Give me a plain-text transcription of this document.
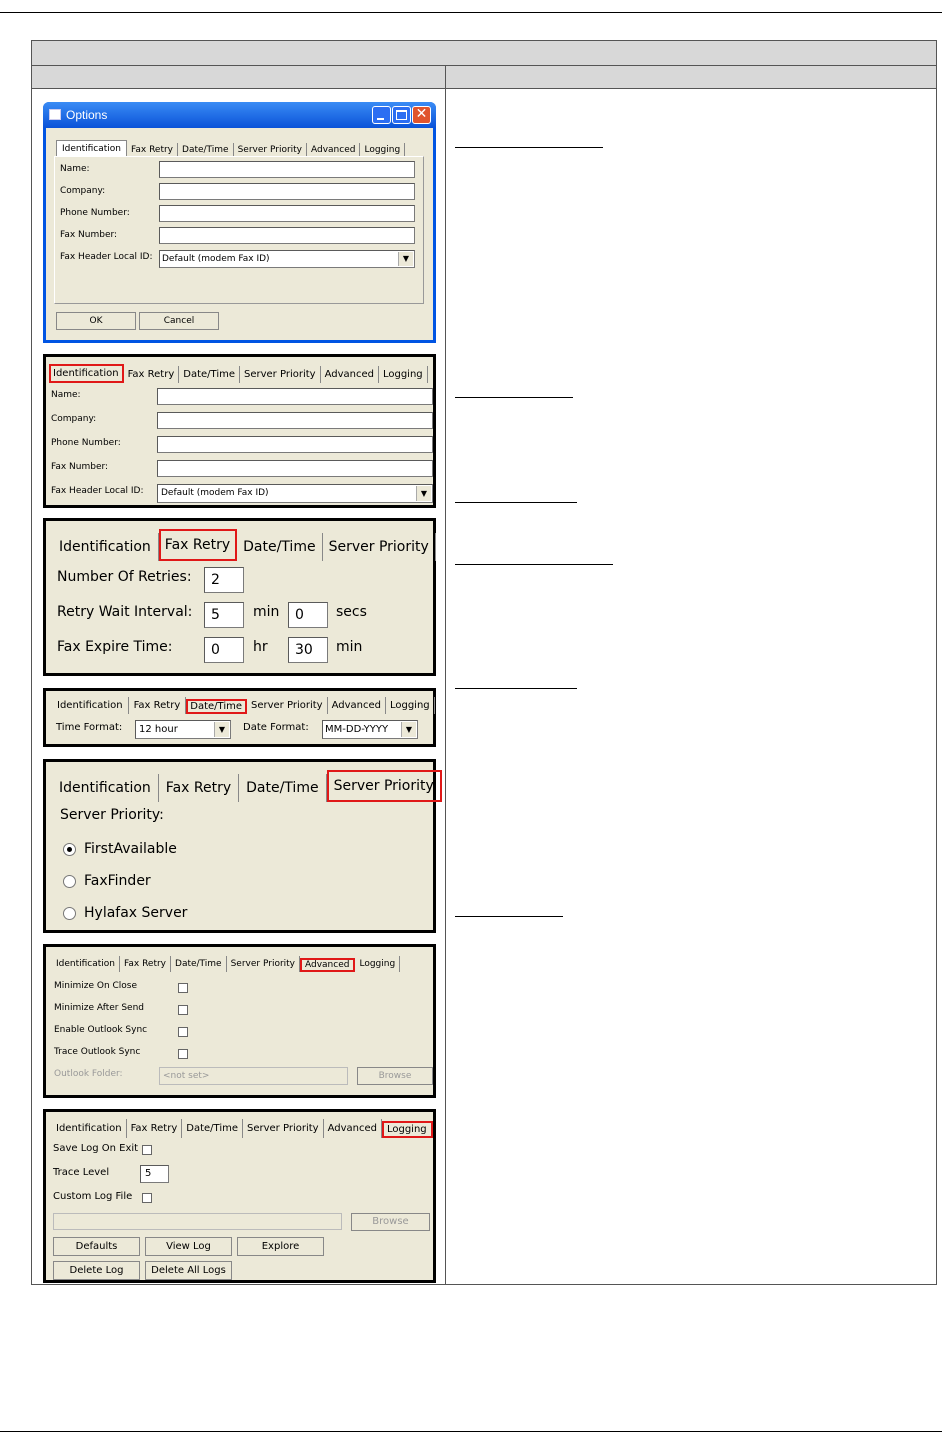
Options	✕
Identification	Fax Retry	Date/Time	Server Priority	Advanced	Logging
Name:
Company:
Phone Number:
Fax Number:
Fax Header Local ID:	Default (modem Fax ID)	▼
OK	Cancel
Identification Fax Retry Date/Time Server Priority Advanced Logging
Name:
Company:
Phone Number:
Fax Number:
Fax Header Local ID:	Default (modem Fax ID)	▼
Identification	Fax Retry Date/Time Server Priority
Number Of Retries:	2
Retry Wait Interval:	5	min	0	secs
Fax Expire Time:	0	hr	30	min
Identification	Fax Retry	Date/Time Server Priority Advanced Logging
Time Format:	12 hour	▼	Date Format:	MM-DD-YYYY	▼
Identification	Fax Retry	Date/Time	Server Priority
Server Priority:
FirstAvailable
FaxFinder
Hylafax Server
Identification	Fax Retry	Date/Time	Server Priority	Advanced	Logging
Minimize On Close
Minimize After Send
Enable Outlook Sync
Trace Outlook Sync
Outlook Folder:	<not set>	Browse
Identification Fax Retry Date/Time Server Priority Advanced	Logging
Save Log On Exit
Trace Level	5
Custom Log File
Browse
Defaults	View Log	Explore
Delete Log	Delete All Logs
